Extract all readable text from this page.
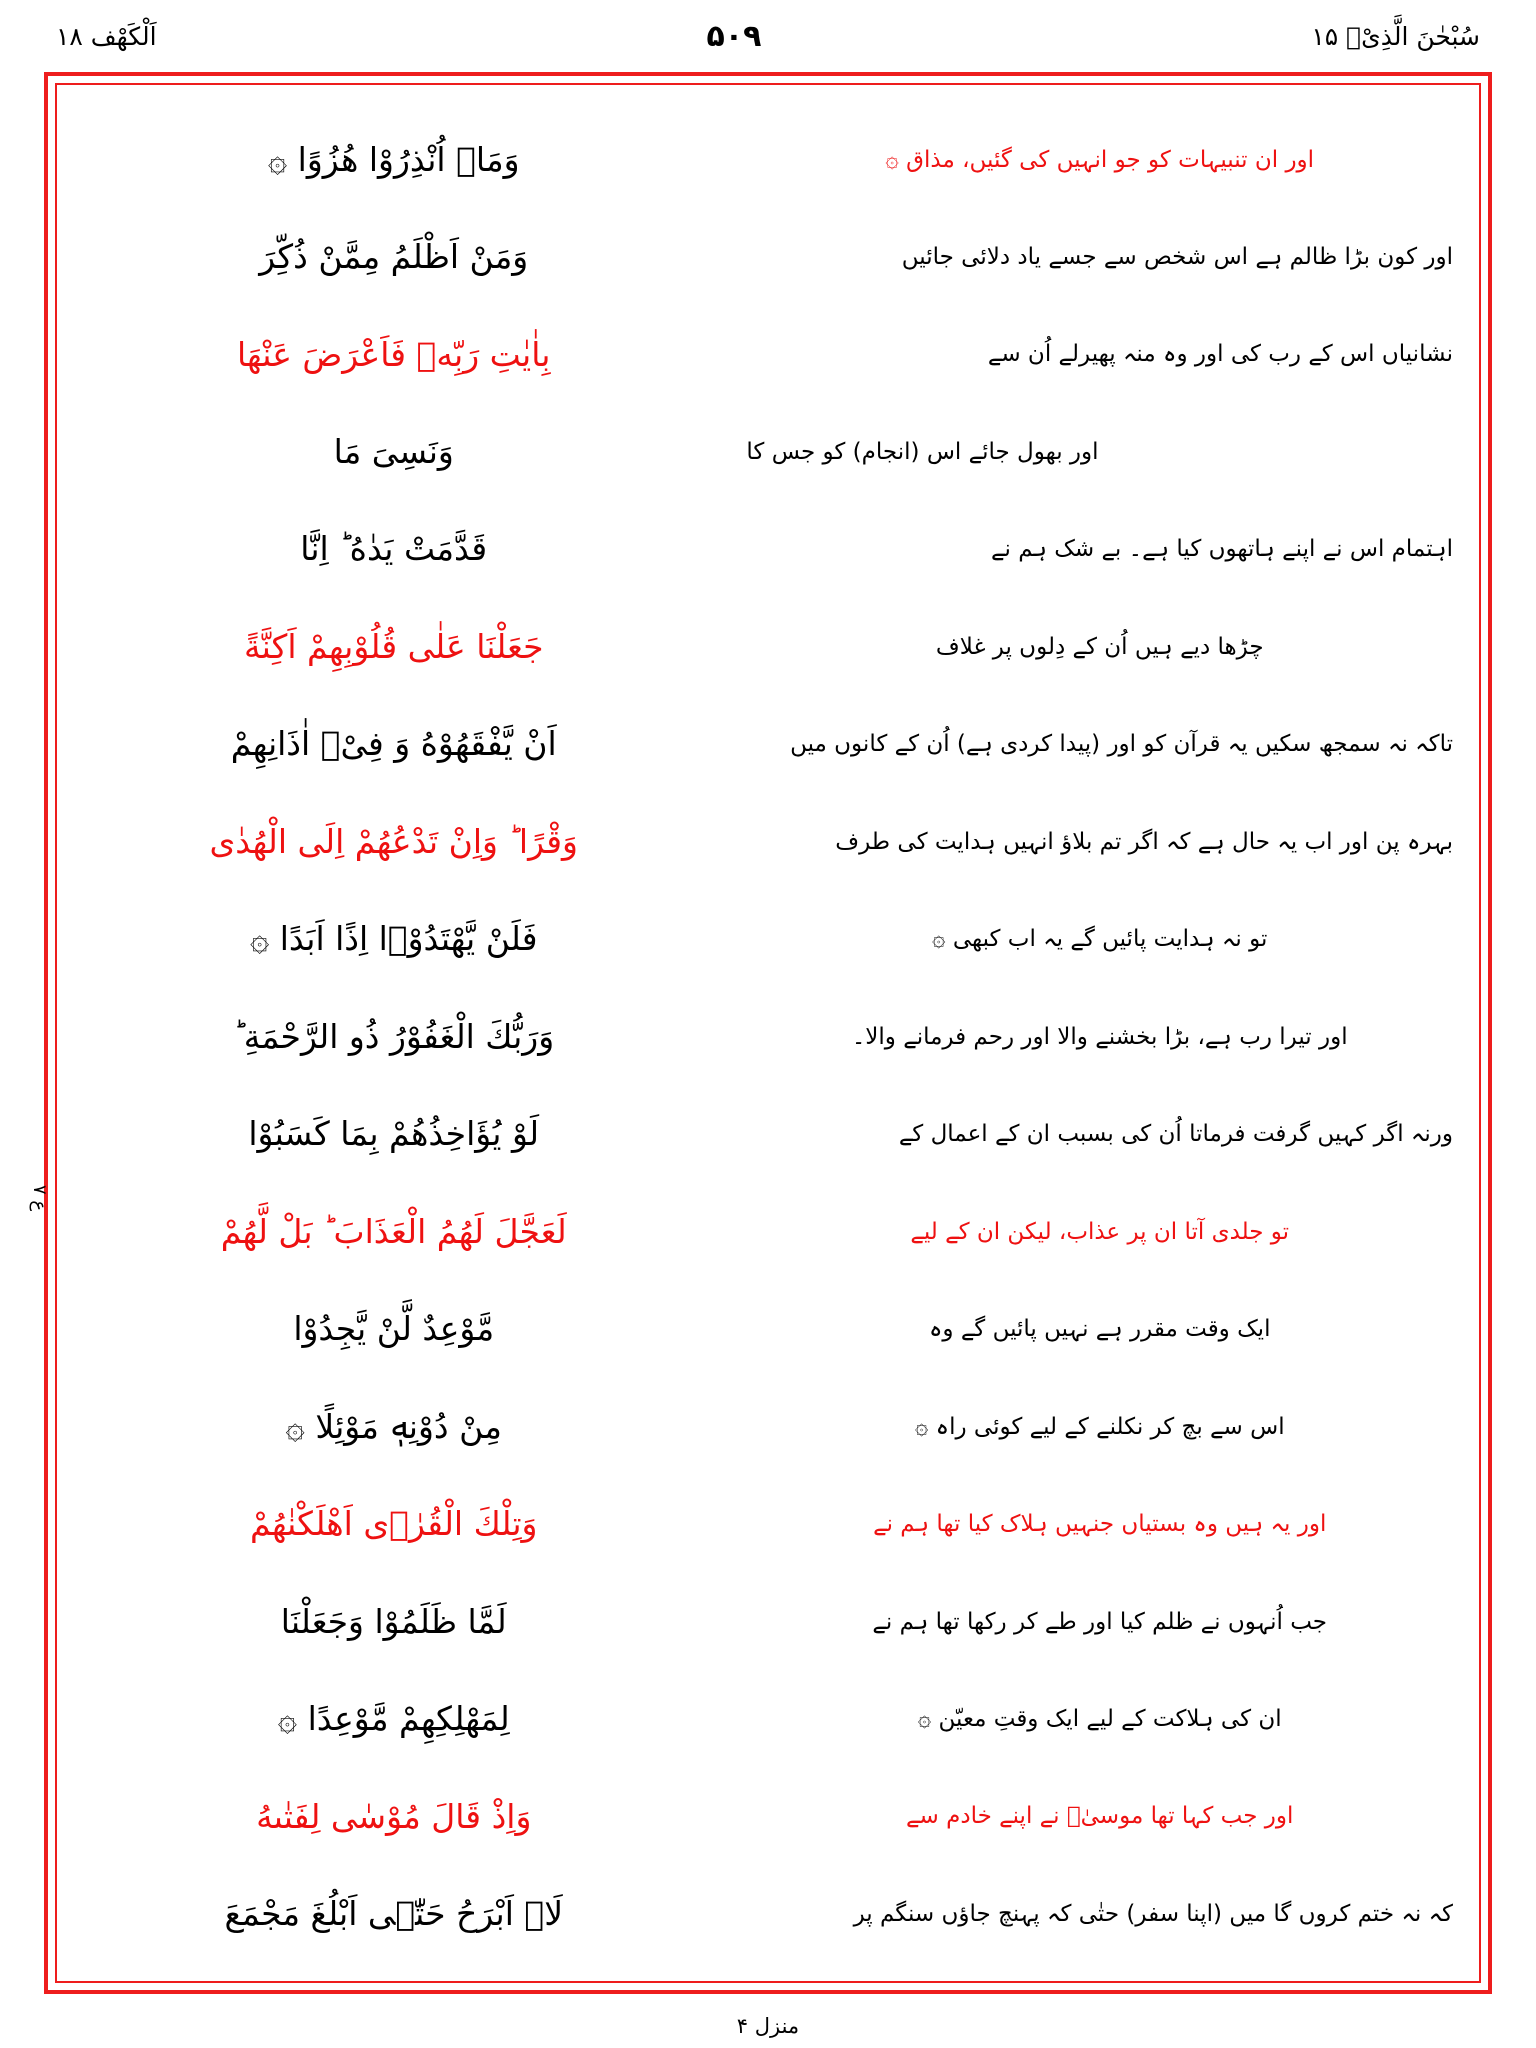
سُبْحٰنَ الَّذِیْۤ ۱۵
۵۰۹
اَلْکَهْف ۱۸
اور ان تنبیہات کو جو انہیں کی گئیں، مذاق ۞
اور کون بڑا ظالم ہے اس شخص سے جسے یاد دلائی جائیں
نشانیاں اس کے رب کی اور وہ منہ پھیرلے اُن سے
اور بھول جائے اس (انجام) کو جس کا
اہتمام اس نے اپنے ہاتھوں کیا ہے۔ بے شک ہم نے
چڑھا دیے ہیں اُن کے دِلوں پر غلاف
تاکہ نہ سمجھ سکیں یہ قرآن کو اور (پیدا کردی ہے) اُن کے کانوں میں
بہرہ پن اور اب یہ حال ہے کہ اگر تم بلاؤ انہیں ہدایت کی طرف
تو نہ ہدایت پائیں گے یہ اب کبھی ۞
اور تیرا رب ہے، بڑا بخشنے والا اور رحم فرمانے والا۔
ورنہ اگر کہیں گرفت فرماتا اُن کی بسبب ان کے اعمال کے
تو جلدی آتا ان پر عذاب، لیکن ان کے لیے
ایک وقت مقرر ہے نہیں پائیں گے وہ
اس سے بچ کر نکلنے کے لیے کوئی راہ ۞
اور یہ ہیں وہ بستیاں جنہیں ہلاک کیا تھا ہم نے
جب اُنہوں نے ظلم کیا اور طے کر رکھا تھا ہم نے
ان کی ہلاکت کے لیے ایک وقتِ معیّن ۞
اور جب کہا تھا موسیٰؑ نے اپنے خادم سے
کہ نہ ختم کروں گا میں (اپنا سفر) حتٰی کہ پہنچ جاؤں سنگم پر
وَمَاۤ اُنْذِرُوْا هُزُوًا ۞
وَمَنْ اَظْلَمُ مِمَّنْ ذُكِّرَ
بِاٰيٰتِ رَبِّهٖ فَاَعْرَضَ عَنْهَا
وَنَسِیَ مَا
قَدَّمَتْ يَدٰهُ ؕ اِنَّا
جَعَلْنَا عَلٰى قُلُوْبِهِمْ اَكِنَّةً
اَنْ يَّفْقَهُوْهُ وَ فِیْۤ اٰذَانِهِمْ
وَقْرًا ؕ وَاِنْ تَدْعُهُمْ اِلَى الْهُدٰى
فَلَنْ يَّهْتَدُوْۤا اِذًا اَبَدًا ۞
وَرَبُّكَ الْغَفُوْرُ ذُو الرَّحْمَةِ ؕ
لَوْ يُؤَاخِذُهُمْ بِمَا كَسَبُوْا
لَعَجَّلَ لَهُمُ الْعَذَابَ ؕ بَلْ لَّهُمْ
مَّوْعِدٌ لَّنْ يَّجِدُوْا
مِنْ دُوْنِهٖ مَوْئِلًا ۞
وَتِلْكَ الْقُرٰۤى اَهْلَكْنٰهُمْ
لَمَّا ظَلَمُوْا وَجَعَلْنَا
لِمَهْلِكِهِمْ مَّوْعِدًا ۞
وَاِذْ قَالَ مُوْسٰى لِفَتٰىهُ
لَاۤ اَبْرَحُ حَتّٰۤى اَبْلُغَ مَجْمَعَ
ع ۷
منزل ۴
